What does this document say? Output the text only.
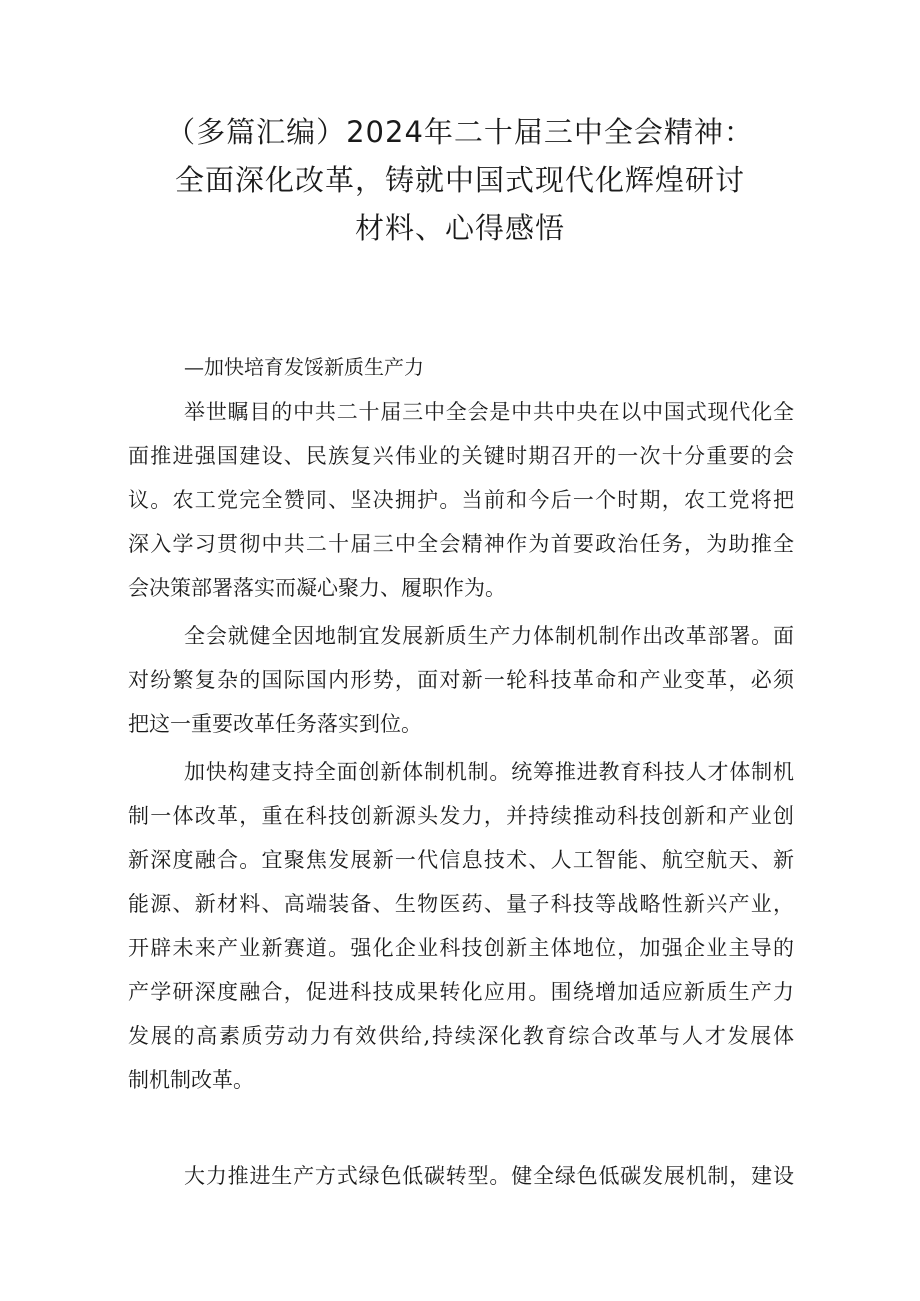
（多篇汇编）2024年二十届三中全会精神：
全面深化改革，铸就中国式现代化辉煌研讨
材料、心得感悟
—加快培育发馁新质生产力

举世瞩目的中共二十届三中全会是中共中央在以中国式现代化全

面推进强国建设、民族复兴伟业的关键时期召开的一次十分重要的会

议。农工党完全赞同、坚决拥护。当前和今后一个时期，农工党将把

深入学习贯彻中共二十届三中全会精神作为首要政治任务，为助推全

会决策部署落实而凝心聚力、履职作为。

全会就健全因地制宜发展新质生产力体制机制作出改革部署。面

对纷繁复杂的国际国内形势，面对新一轮科技革命和产业变革，必须

把这一重要改革任务落实到位。

加快构建支持全面创新体制机制。统筹推进教育科技人才体制机

制一体改革，重在科技创新源头发力，并持续推动科技创新和产业创

新深度融合。宜聚焦发展新一代信息技术、人工智能、航空航天、新

能源、新材料、高端装备、生物医药、量子科技等战略性新兴产业，

开辟未来产业新赛道。强化企业科技创新主体地位，加强企业主导的

产学研深度融合，促进科技成果转化应用。围绕增加适应新质生产力

发展的高素质劳动力有效供给,持续深化教育综合改革与人才发展体

制机制改革。

大力推进生产方式绿色低碳转型。健全绿色低碳发展机制，建设
